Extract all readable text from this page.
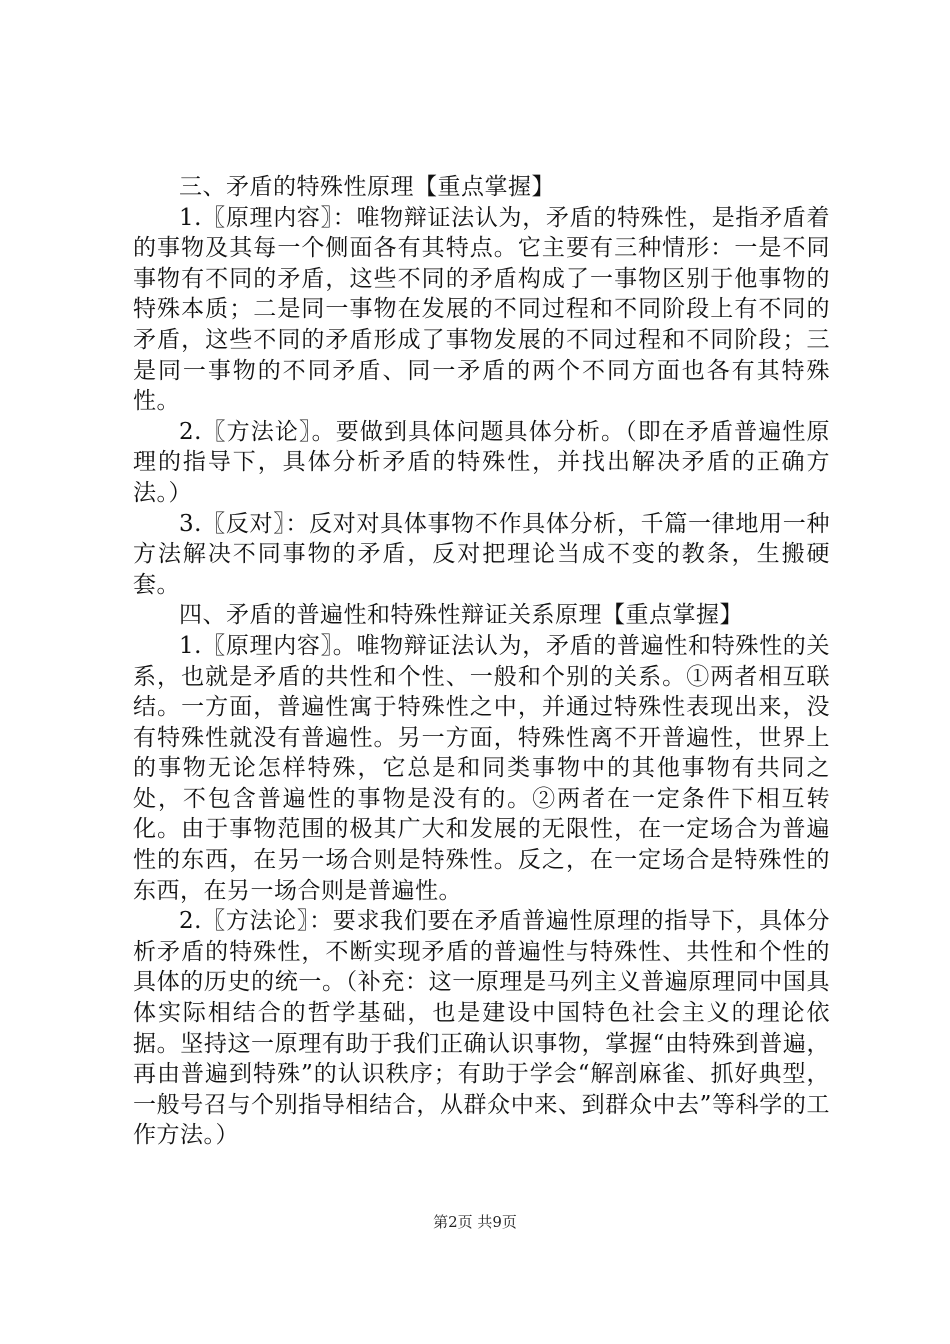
三、矛盾的特殊性原理【重点掌握】

1.〖原理内容〗：唯物辩证法认为，矛盾的特殊性，是指矛盾着的事物及其每一个侧面各有其特点。它主要有三种情形：一是不同事物有不同的矛盾，这些不同的矛盾构成了一事物区别于他事物的特殊本质；二是同一事物在发展的不同过程和不同阶段上有不同的矛盾，这些不同的矛盾形成了事物发展的不同过程和不同阶段；三是同一事物的不同矛盾、同一矛盾的两个不同方面也各有其特殊性。

2.〖方法论〗。要做到具体问题具体分析。（即在矛盾普遍性原理的指导下，具体分析矛盾的特殊性，并找出解决矛盾的正确方法。）

3.〖反对〗：反对对具体事物不作具体分析，千篇一律地用一种方法解决不同事物的矛盾，反对把理论当成不变的教条，生搬硬套。

四、矛盾的普遍性和特殊性辩证关系原理【重点掌握】

1.〖原理内容〗。唯物辩证法认为，矛盾的普遍性和特殊性的关系，也就是矛盾的共性和个性、一般和个别的关系。①两者相互联结。一方面，普遍性寓于特殊性之中，并通过特殊性表现出来，没有特殊性就没有普遍性。另一方面，特殊性离不开普遍性，世界上的事物无论怎样特殊，它总是和同类事物中的其他事物有共同之处，不包含普遍性的事物是没有的。②两者在一定条件下相互转化。由于事物范围的极其广大和发展的无限性，在一定场合为普遍性的东西，在另一场合则是特殊性。反之，在一定场合是特殊性的东西，在另一场合则是普遍性。

2.〖方法论〗：要求我们要在矛盾普遍性原理的指导下，具体分析矛盾的特殊性，不断实现矛盾的普遍性与特殊性、共性和个性的具体的历史的统一。（补充：这一原理是马列主义普遍原理同中国具体实际相结合的哲学基础，也是建设中国特色社会主义的理论依据。坚持这一原理有助于我们正确认识事物，掌握“由特殊到普遍，再由普遍到特殊”的认识秩序；有助于学会“解剖麻雀、抓好典型，一般号召与个别指导相结合，从群众中来、到群众中去”等科学的工作方法。）

第2页 共9页
